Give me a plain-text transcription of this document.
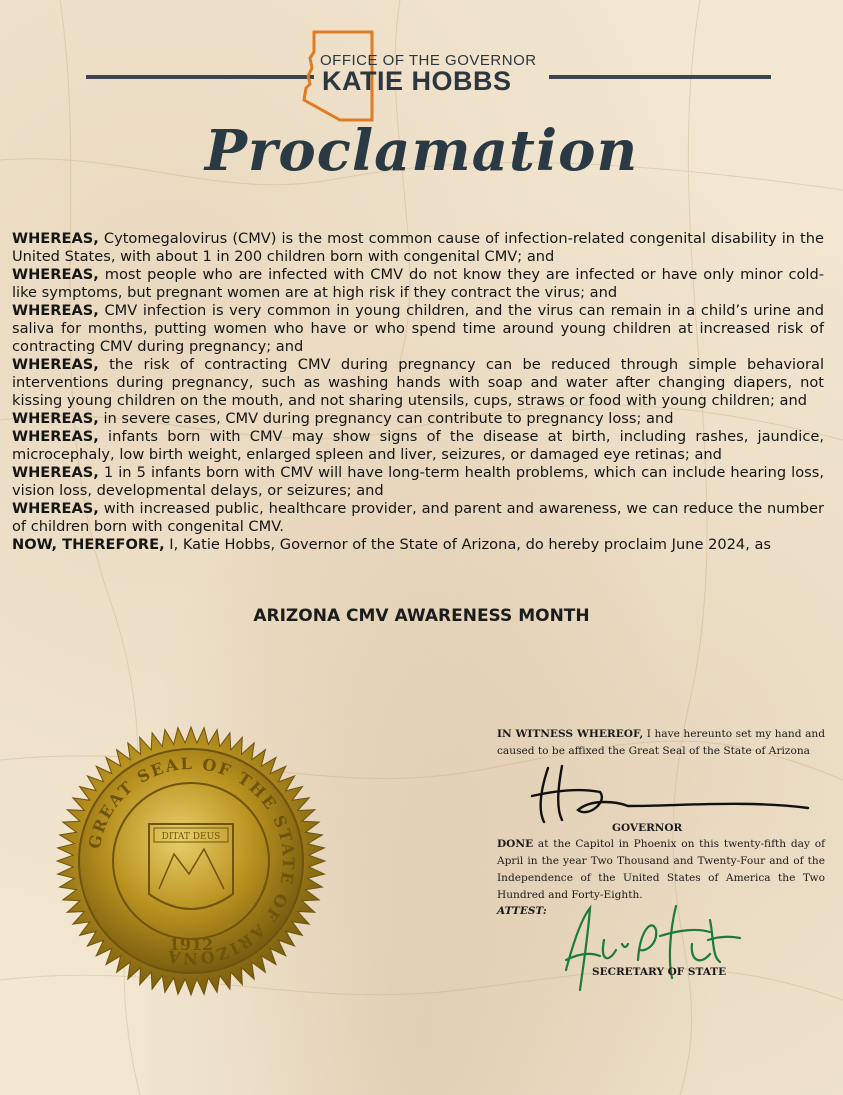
OFFICE OF THE GOVERNOR
KATIE HOBBS
Proclamation

WHEREAS, Cytomegalovirus (CMV) is the most common cause of infection-related congenital disability in the United States, with about 1 in 200 children born with congenital CMV; and

WHEREAS, most people who are infected with CMV do not know they are infected or have only minor cold-like symptoms, but pregnant women are at high risk if they contract the virus; and

WHEREAS, CMV infection is very common in young children, and the virus can remain in a child’s urine and saliva for months, putting women who have or who spend time around young children at increased risk of contracting CMV during pregnancy; and

WHEREAS, the risk of contracting CMV during pregnancy can be reduced through simple behavioral interventions during pregnancy, such as washing hands with soap and water after changing diapers, not kissing young children on the mouth, and not sharing utensils, cups, straws or food with young children; and

WHEREAS, in severe cases, CMV during pregnancy can contribute to pregnancy loss; and

WHEREAS, infants born with CMV may show signs of the disease at birth, including rashes, jaundice, microcephaly, low birth weight, enlarged spleen and liver, seizures, or damaged eye retinas; and

WHEREAS, 1 in 5 infants born with CMV will have long-term health problems, which can include hearing loss, vision loss, developmental delays, or seizures; and

WHEREAS, with increased public, healthcare provider, and parent and awareness, we can reduce the number of children born with congenital CMV.

NOW, THEREFORE, I, Katie Hobbs, Governor of the State of Arizona, do hereby proclaim June 2024, as

ARIZONA CMV AWARENESS MONTH
GREAT SEAL OF THE STATE OF ARIZONA
DITAT DEUS
1912
IN WITNESS WHEREOF, I have hereunto set my hand and caused to be affixed the Great Seal of the State of Arizona
GOVERNOR
DONE at the Capitol in Phoenix on this twenty-fifth day of April in the year Two Thousand and Twenty-Four and of the Independence of the United States of America the Two Hundred and Forty-Eighth.
ATTEST:
SECRETARY OF STATE
